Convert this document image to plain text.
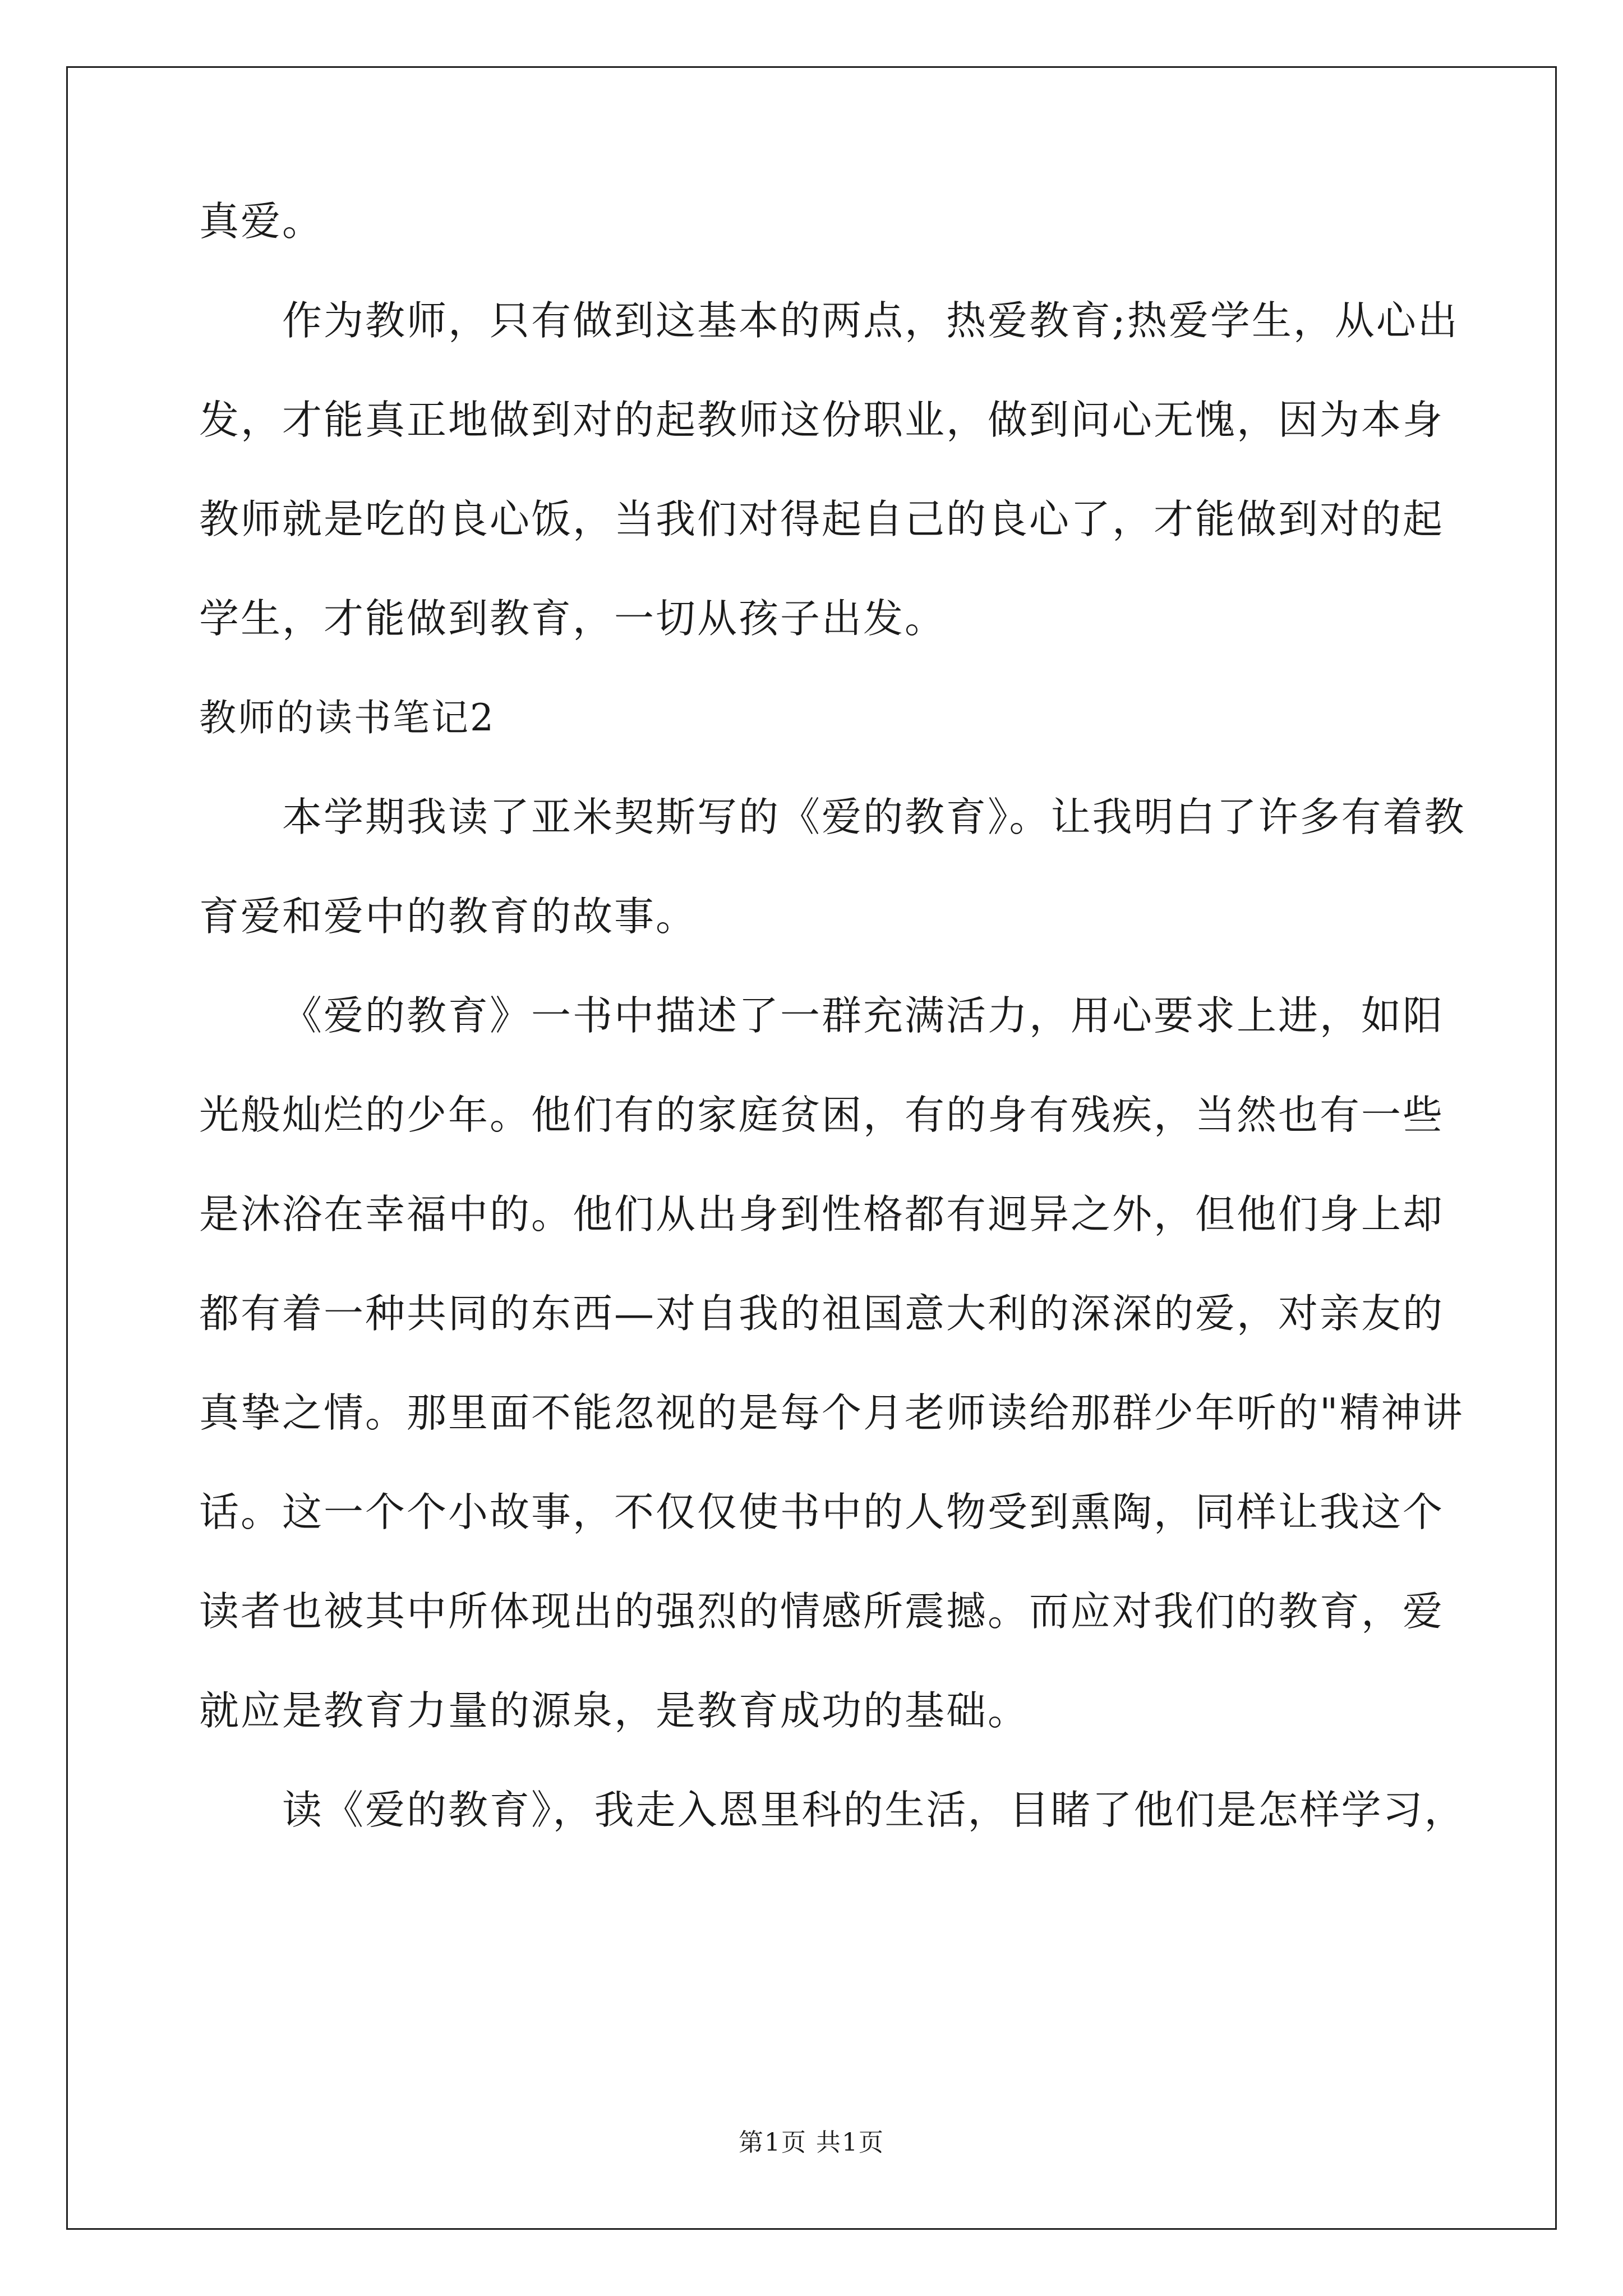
真爱。
作为教师，只有做到这基本的两点，热爱教育;热爱学生，从心出
发，才能真正地做到对的起教师这份职业，做到问心无愧，因为本身
教师就是吃的良心饭，当我们对得起自己的良心了，才能做到对的起
学生，才能做到教育，一切从孩子出发。
教师的读书笔记2
本学期我读了亚米契斯写的《爱的教育》。让我明白了许多有着教
育爱和爱中的教育的故事。
《爱的教育》一书中描述了一群充满活力，用心要求上进，如阳
光般灿烂的少年。他们有的家庭贫困，有的身有残疾，当然也有一些
是沐浴在幸福中的。他们从出身到性格都有迥异之外，但他们身上却
都有着一种共同的东西—对自我的祖国意大利的深深的爱，对亲友的
真挚之情。那里面不能忽视的是每个月老师读给那群少年听的"精神讲
话。这一个个小故事，不仅仅使书中的人物受到熏陶，同样让我这个
读者也被其中所体现出的强烈的情感所震撼。而应对我们的教育，爱
就应是教育力量的源泉，是教育成功的基础。
读《爱的教育》，我走入恩里科的生活，目睹了他们是怎样学习，
第1页 共1页
